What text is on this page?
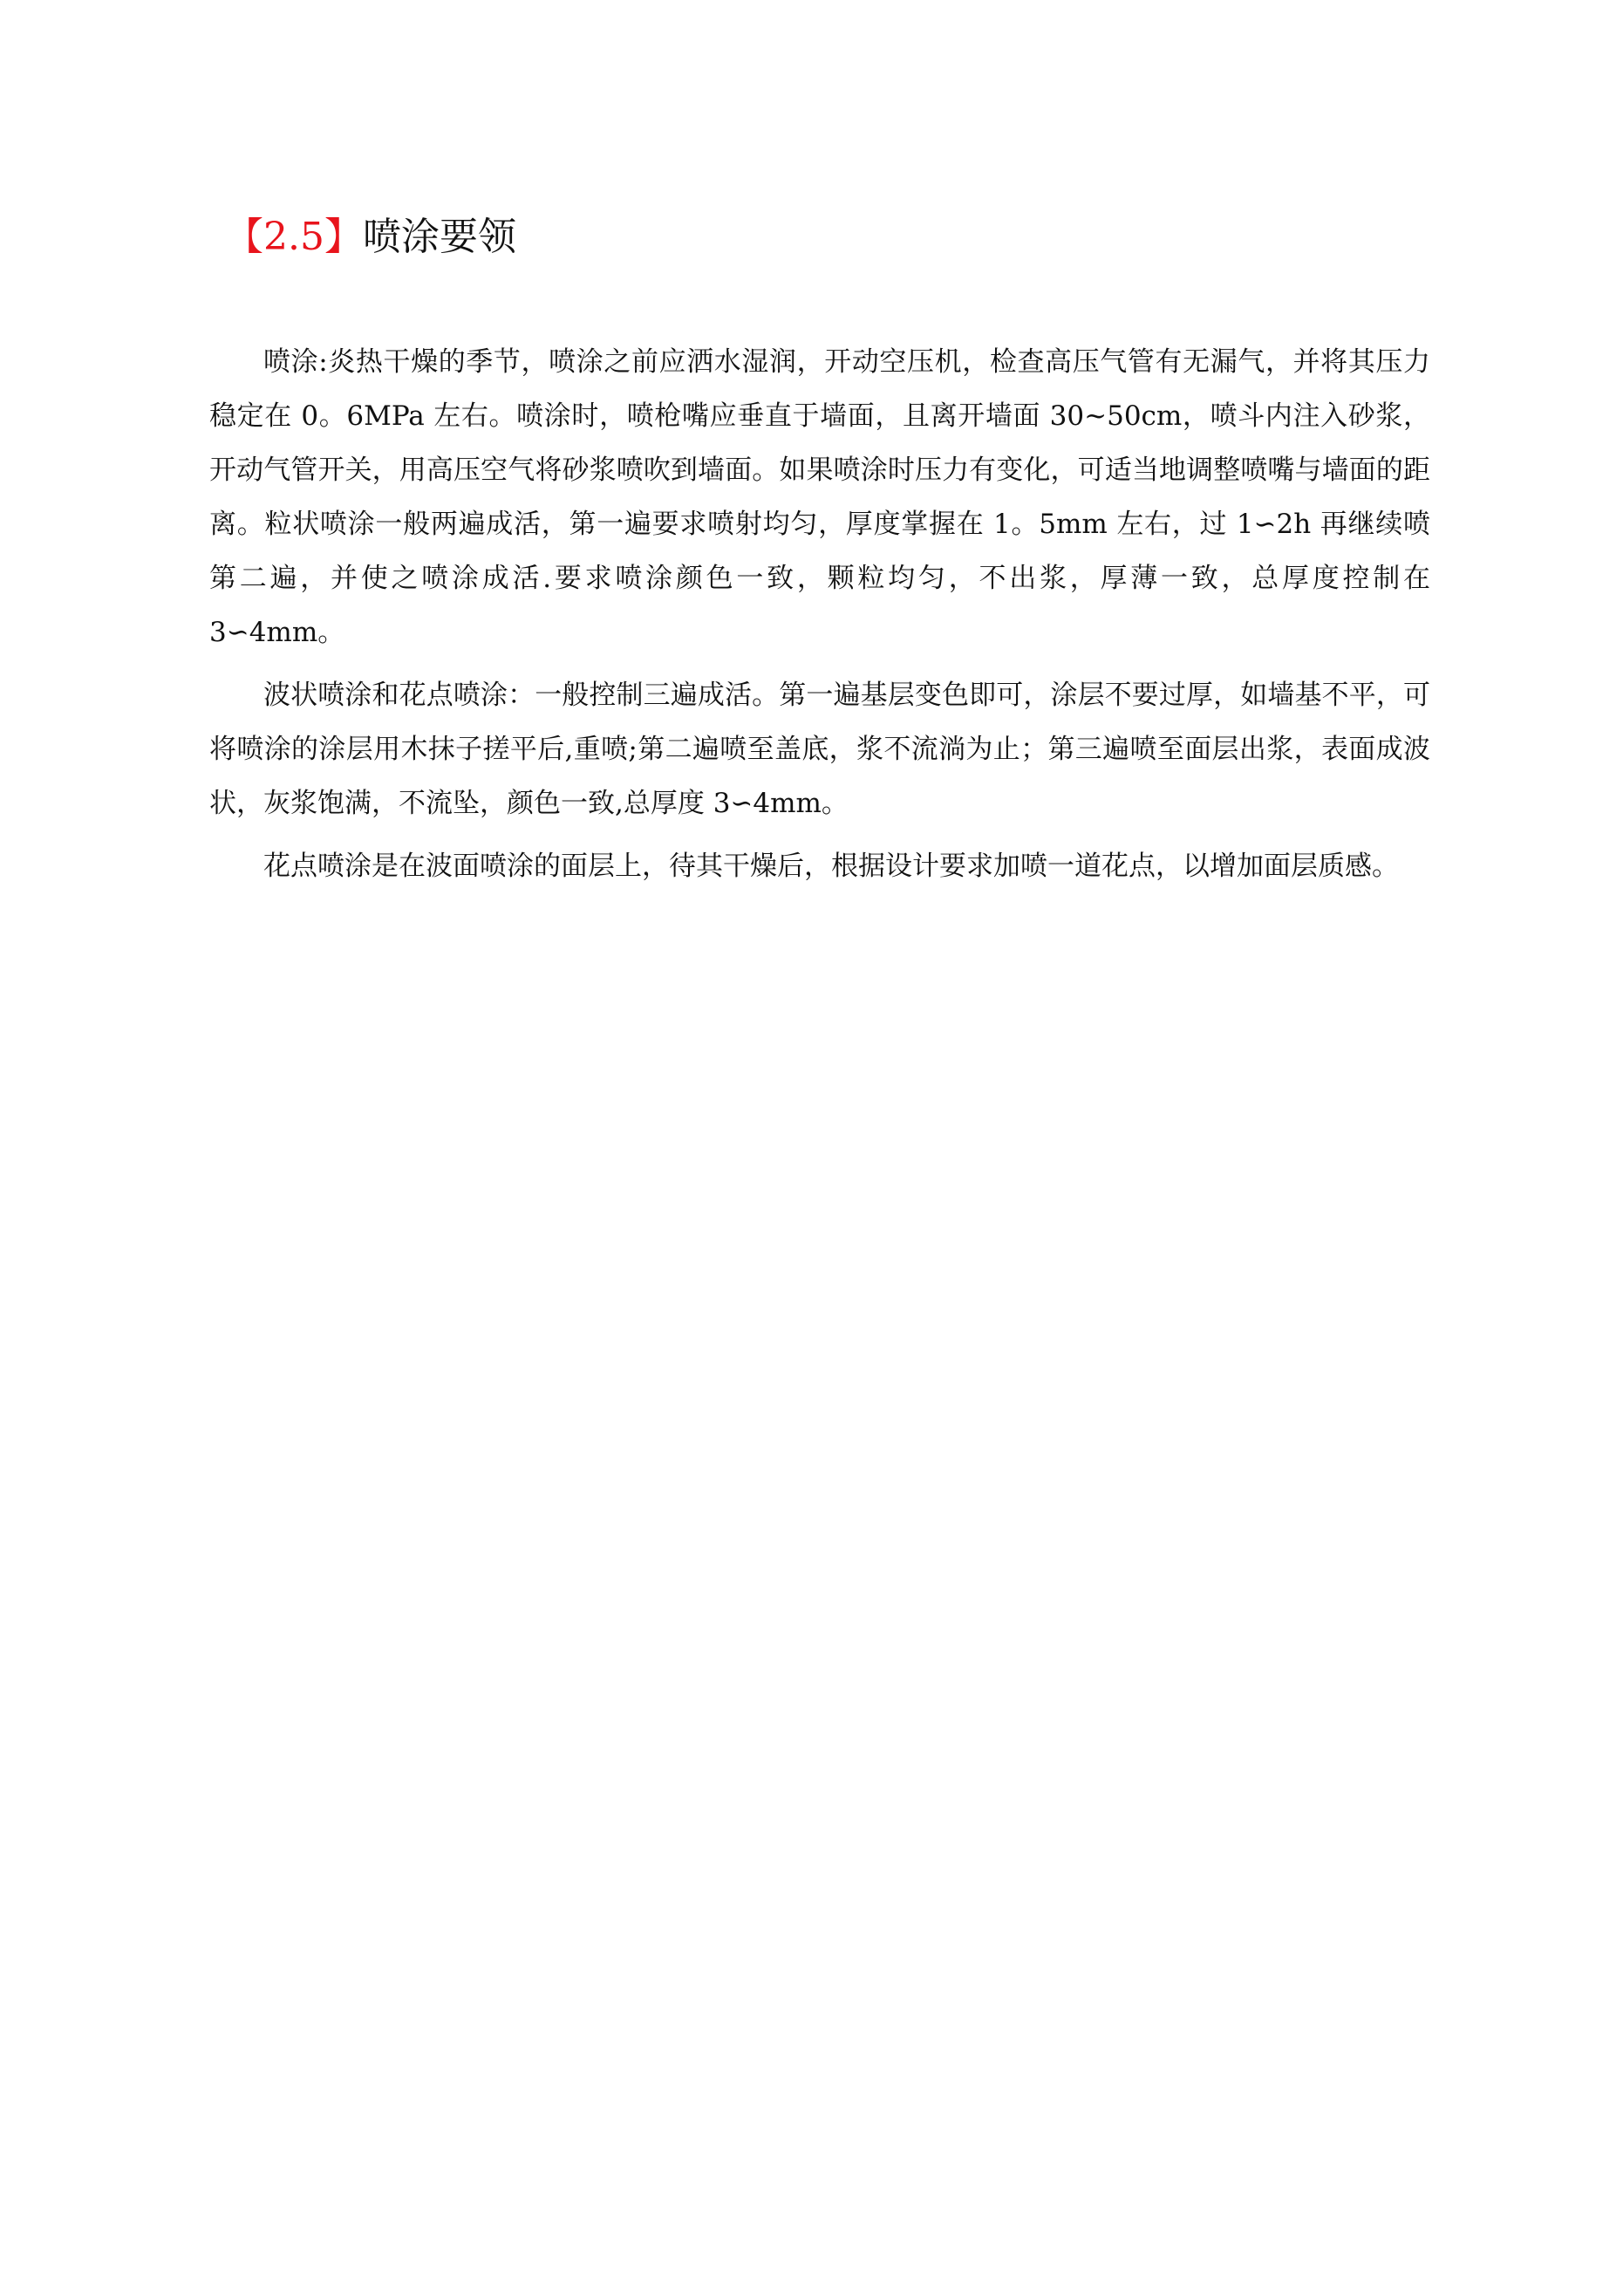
【2.5】喷涂要领

喷涂:炎热干燥的季节，喷涂之前应洒水湿润，开动空压机，检查高压气管有无漏气，并将其压力稳定在 0。6MPa 左右。喷涂时，喷枪嘴应垂直于墙面，且离开墙面 30~50cm，喷斗内注入砂浆，开动气管开关，用高压空气将砂浆喷吹到墙面。如果喷涂时压力有变化，可适当地调整喷嘴与墙面的距离。粒状喷涂一般两遍成活，第一遍要求喷射均匀，厚度掌握在 1。5mm 左右，过 1∽2h 再继续喷第二遍，并使之喷涂成活.要求喷涂颜色一致，颗粒均匀，不出浆，厚薄一致，总厚度控制在 3∽4mm。

波状喷涂和花点喷涂：一般控制三遍成活。第一遍基层变色即可，涂层不要过厚，如墙基不平，可将喷涂的涂层用木抹子搓平后,重喷;第二遍喷至盖底，浆不流淌为止；第三遍喷至面层出浆，表面成波状，灰浆饱满，不流坠，颜色一致,总厚度 3∽4mm。

花点喷涂是在波面喷涂的面层上，待其干燥后，根据设计要求加喷一道花点，以增加面层质感。
